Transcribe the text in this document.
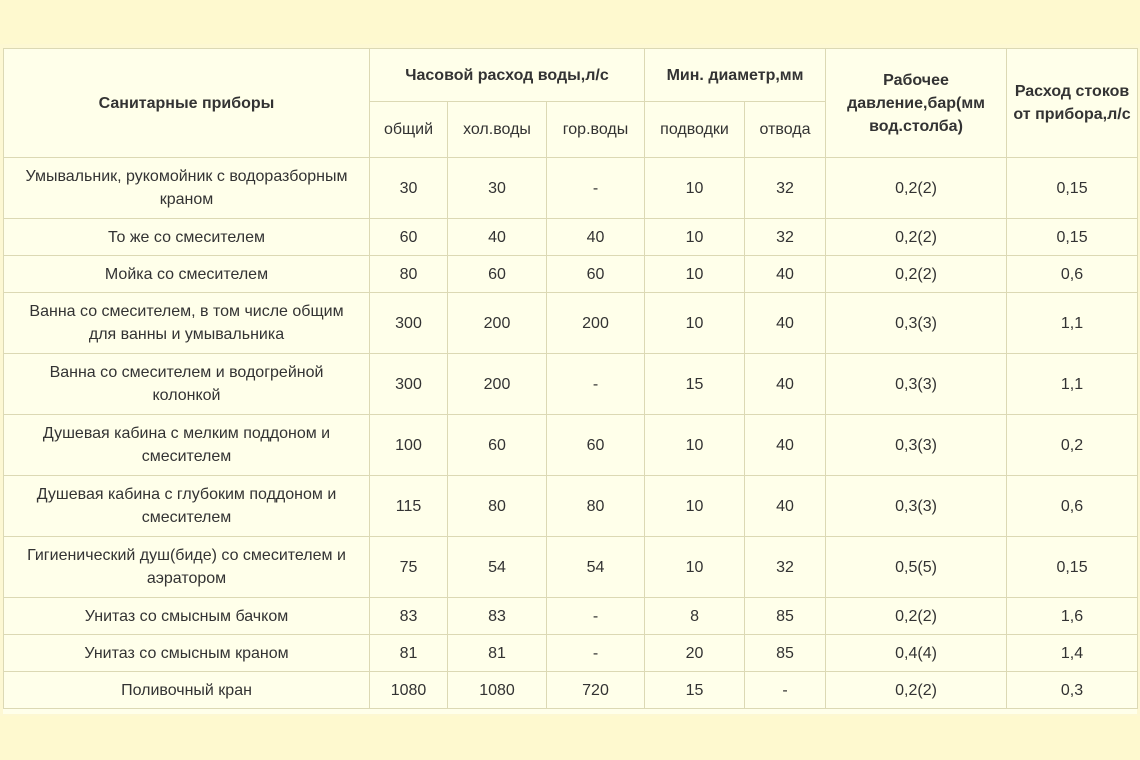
Санитарные приборы	Часовой расход воды,л/с			Мин. диаметр,мм		Рабочее давление,бар(мм вод.столба)	Расход стоков от прибора,л/с
	общий	хол.воды	гор.воды	подводки	отвода		
Умывальник, рукомойник с водоразборным краном	30	30	-	10	32	0,2(2)	0,15
То же со смесителем	60	40	40	10	32	0,2(2)	0,15
Мойка со смесителем	80	60	60	10	40	0,2(2)	0,6
Ванна со смесителем, в том числе общим для ванны и умывальника	300	200	200	10	40	0,3(3)	1,1
Ванна со смесителем и водогрейной колонкой	300	200	-	15	40	0,3(3)	1,1
Душевая кабина с мелким поддоном и смесителем	100	60	60	10	40	0,3(3)	0,2
Душевая кабина с глубоким поддоном и смесителем	115	80	80	10	40	0,3(3)	0,6
Гигиенический душ(биде) со смесителем и аэратором	75	54	54	10	32	0,5(5)	0,15
Унитаз со смысным бачком	83	83	-	8	85	0,2(2)	1,6
Унитаз со смысным краном	81	81	-	20	85	0,4(4)	1,4
Поливочный кран	1080	1080	720	15	-	0,2(2)	0,3
